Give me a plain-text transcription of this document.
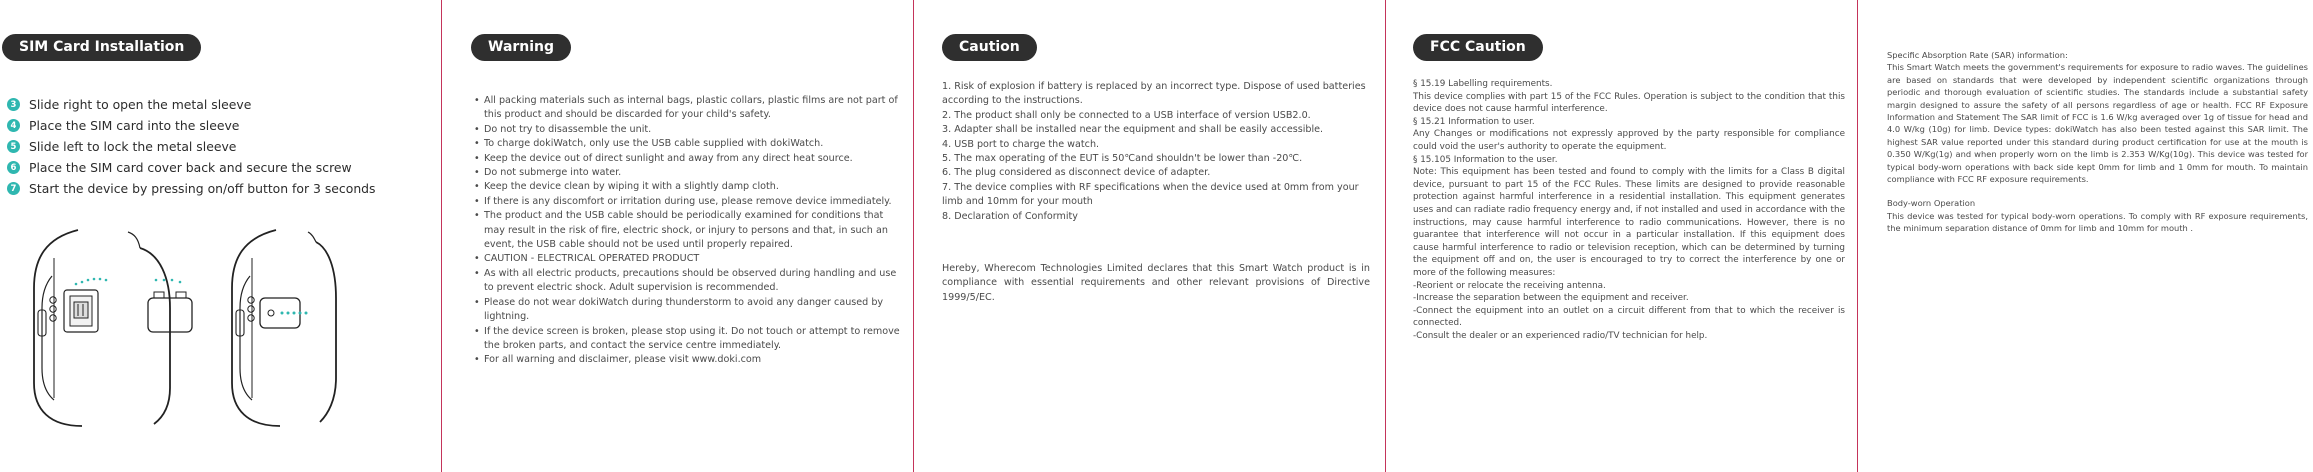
SIM Card Installation
3 Slide right to open the metal sleeve
4 Place the SIM card into the sleeve
5 Slide left to lock the metal sleeve
6 Place the SIM card cover back and secure the screw
7 Start the device by pressing on/off button for 3 seconds
Warning
• All packing materials such as internal bags, plastic collars, plastic films are not part of this product and should be discarded for your child's safety.
• Do not try to disassemble the unit.
• To charge dokiWatch, only use the USB cable supplied with dokiWatch.
• Keep the device out of direct sunlight and away from any direct heat source.
• Do not submerge into water.
• Keep the device clean by wiping it with a slightly damp cloth.
• If there is any discomfort or irritation during use, please remove device immediately.
• The product and the USB cable should be periodically examined for conditions that may result in the risk of fire, electric shock, or injury to persons and that, in such an event, the USB cable should not be used until properly repaired.
• CAUTION - ELECTRICAL OPERATED PRODUCT
• As with all electric products, precautions should be observed during handling and use to prevent electric shock. Adult supervision is recommended.
• Please do not wear dokiWatch during thunderstorm to avoid any danger caused by lightning.
• If the device screen is broken, please stop using it. Do not touch or attempt to remove the broken parts, and contact the service centre immediately.
• For all warning and disclaimer, please visit www.doki.com
Caution
1. Risk of explosion if battery is replaced by an incorrect type. Dispose of used batteries according to the instructions.
2. The product shall only be connected to a USB interface of version USB2.0.
3. Adapter shall be installed near the equipment and shall be easily accessible.
4. USB port to charge the watch.
5. The max operating of the EUT is 50℃and shouldn't be lower than -20℃.
6. The plug considered as disconnect device of adapter.
7. The device complies with RF specifications when the device used at 0mm from your limb and 10mm for your mouth
8. Declaration of Conformity
Hereby, Wherecom Technologies Limited declares that this Smart Watch product is in compliance with essential requirements and other relevant provisions of Directive 1999/5/EC.
FCC Caution

§ 15.19 Labelling requirements.

This device complies with part 15 of the FCC Rules. Operation is subject to the condition that this device does not cause harmful interference.

§ 15.21 Information to user.

Any Changes or modifications not expressly approved by the party responsible for compliance could void the user's authority to operate the equipment.

§ 15.105 Information to the user.

Note: This equipment has been tested and found to comply with the limits for a Class B digital device, pursuant to part 15 of the FCC Rules. These limits are designed to provide reasonable protection against harmful interference in a residential installation. This equipment generates uses and can radiate radio frequency energy and, if not installed and used in accordance with the instructions, may cause harmful interference to radio communications. However, there is no guarantee that interference will not occur in a particular installation. If this equipment does cause harmful interference to radio or television reception, which can be determined by turning the equipment off and on, the user is encouraged to try to correct the interference by one or more of the following measures:

-Reorient or relocate the receiving antenna.

-Increase the separation between the equipment and receiver.

-Connect the equipment into an outlet on a circuit different from that to which the receiver is connected.

-Consult the dealer or an experienced radio/TV technician for help.

Specific Absorption Rate (SAR) information:

This Smart Watch meets the government's requirements for exposure to radio waves. The guidelines are based on standards that were developed by independent scientific organizations through periodic and thorough evaluation of scientific studies. The standards include a substantial safety margin designed to assure the safety of all persons regardless of age or health. FCC RF Exposure Information and Statement The SAR limit of FCC is 1.6 W/kg averaged over 1g of tissue for head and 4.0 W/kg (10g) for limb. Device types: dokiWatch has also been tested against this SAR limit. The highest SAR value reported under this standard during product certification for use at the mouth is 0.350 W/Kg(1g) and when properly worn on the limb is 2.353 W/Kg(10g). This device was tested for typical body-worn operations with back side kept 0mm for limb and 1 0mm for mouth. To maintain compliance with FCC RF exposure requirements.

Body-worn Operation

This device was tested for typical body-worn operations. To comply with RF exposure requirements, the minimum separation distance of 0mm for limb and 10mm for mouth .
